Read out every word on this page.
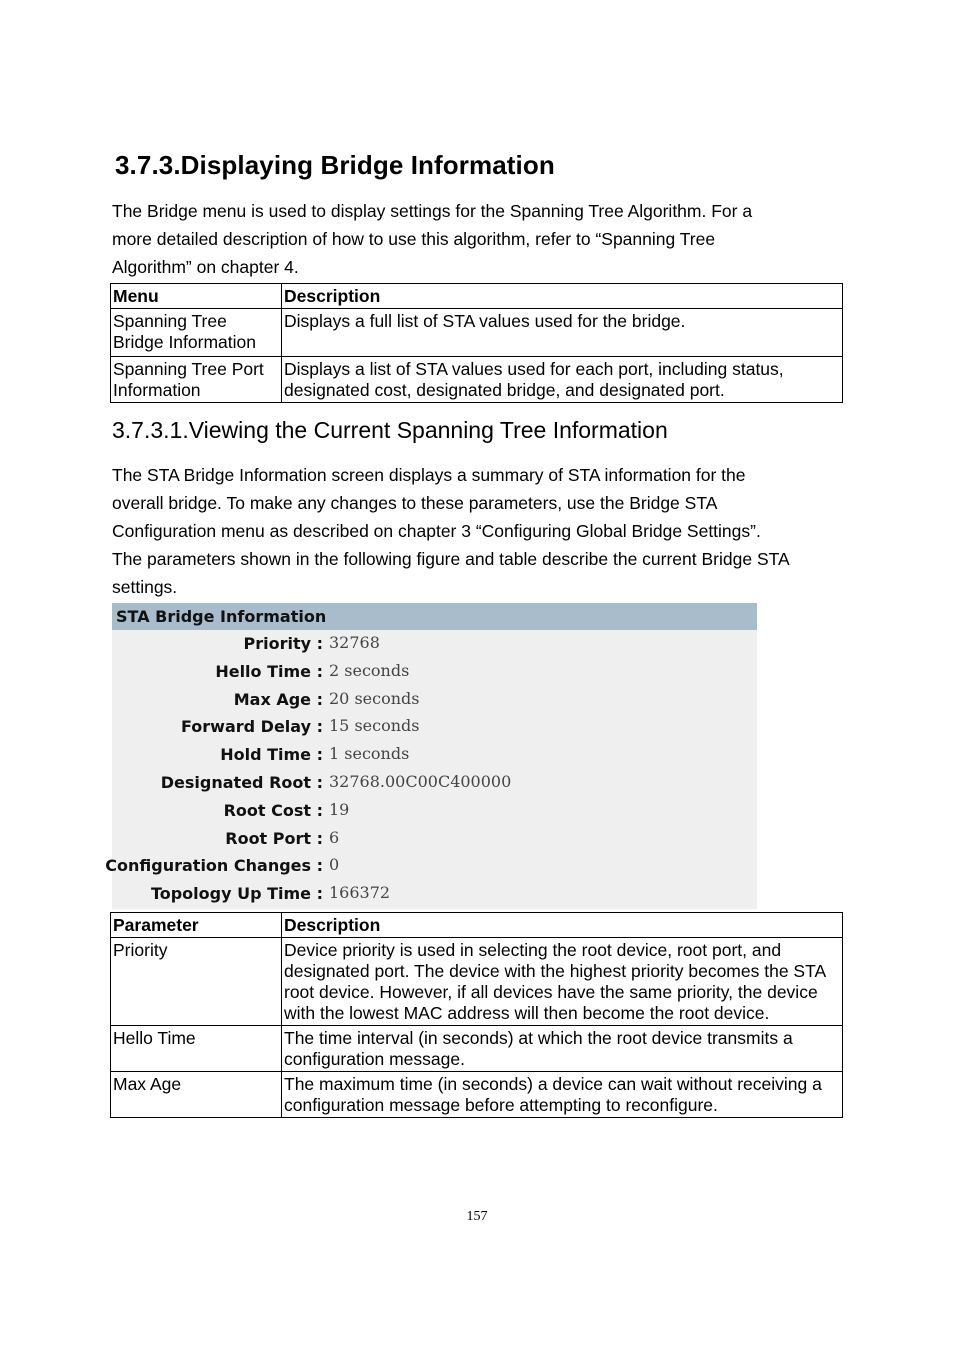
3.7.3.Displaying Bridge Information

The Bridge menu is used to display settings for the Spanning Tree Algorithm. For a

more detailed description of how to use this algorithm, refer to “Spanning Tree

Algorithm” on chapter 4.

Menu	Description
Spanning Tree Bridge Information	Displays a full list of STA values used for the bridge.
Spanning Tree Port Information	Displays a list of STA values used for each port, including status, designated cost, designated bridge, and designated port.
3.7.3.1.Viewing the Current Spanning Tree Information

The STA Bridge Information screen displays a summary of STA information for the

overall bridge. To make any changes to these parameters, use the Bridge STA

Configuration menu as described on chapter 3 “Configuring Global Bridge Settings”.

The parameters shown in the following figure and table describe the current Bridge STA

settings.

STA Bridge Information
Priority : 32768
Hello Time : 2 seconds
Max Age : 20 seconds
Forward Delay : 15 seconds
Hold Time : 1 seconds
Designated Root : 32768.00C00C400000
Root Cost : 19
Root Port : 6
Configuration Changes : 0
Topology Up Time : 166372
Parameter	Description
Priority	Device priority is used in selecting the root device, root port, and designated port. The device with the highest priority becomes the STA root device. However, if all devices have the same priority, the device with the lowest MAC address will then become the root device.
Hello Time	The time interval (in seconds) at which the root device transmits a configuration message.
Max Age	The maximum time (in seconds) a device can wait without receiving a configuration message before attempting to reconfigure.
157
